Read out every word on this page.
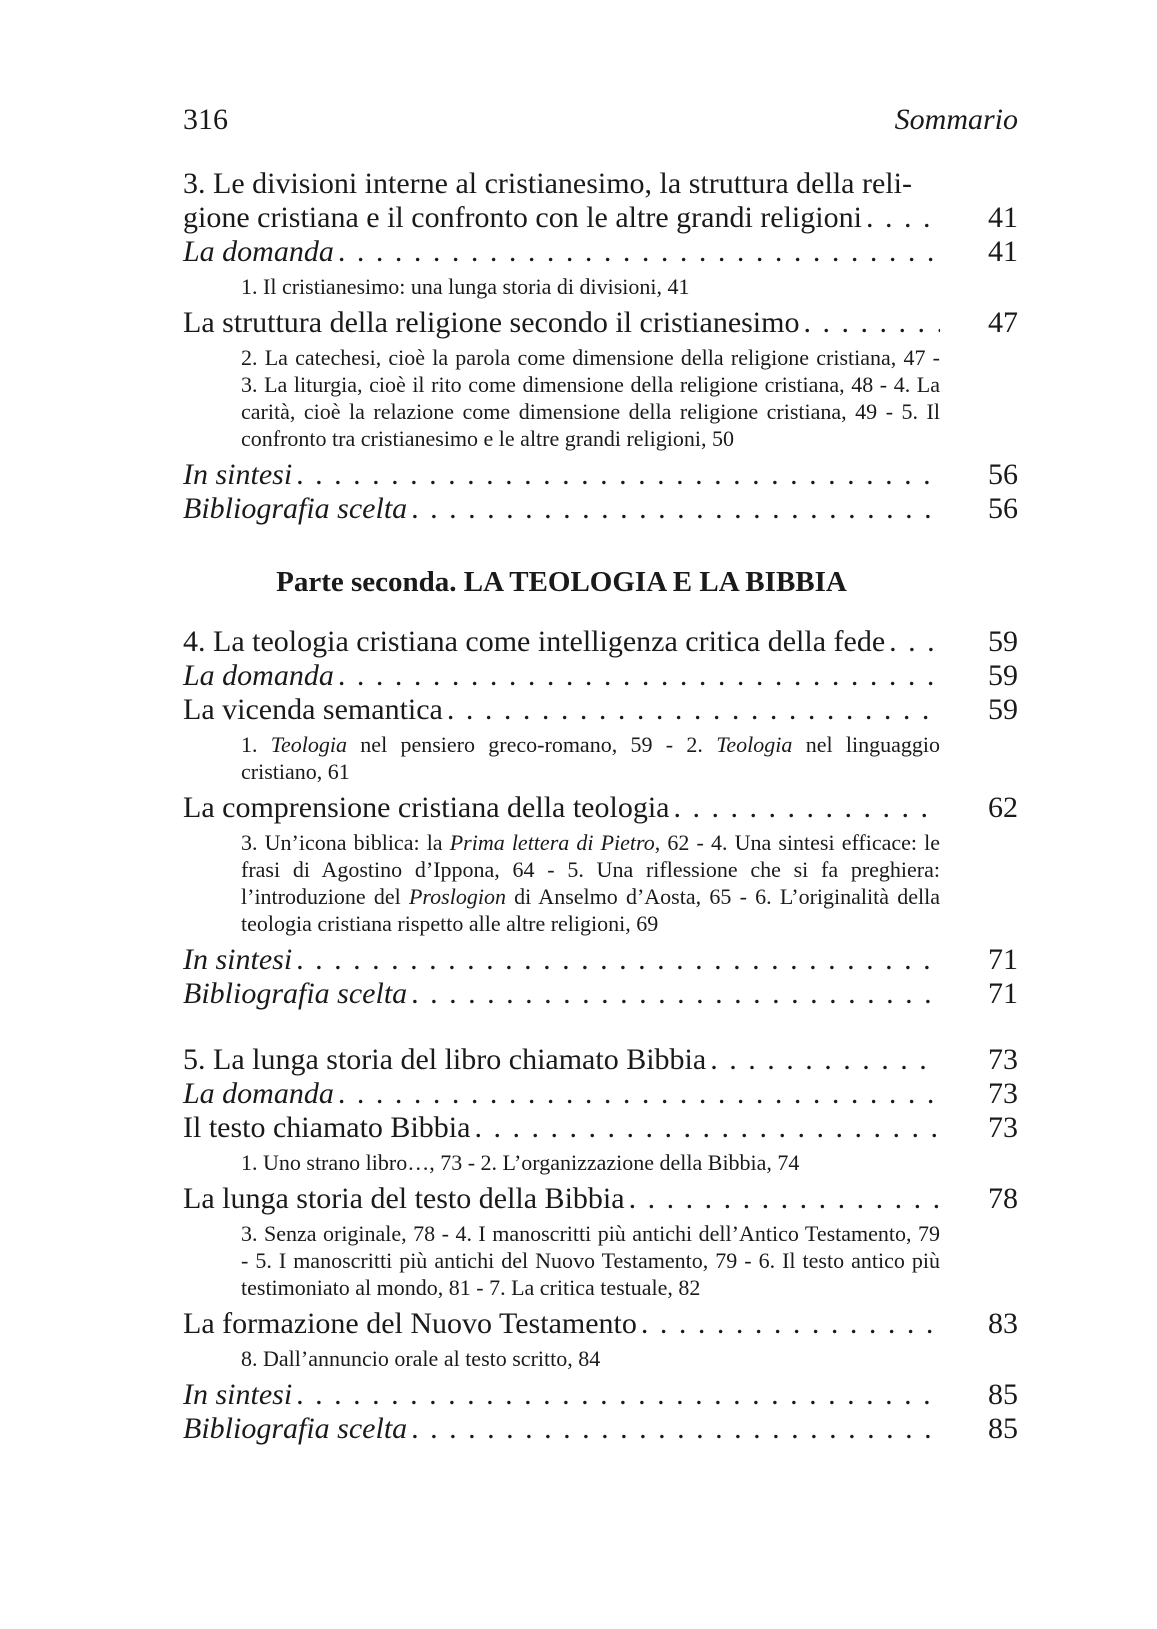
316	Sommario
3. Le divisioni interne al cristianesimo, la struttura della reli-
gione cristiana e il confronto con le altre grandi religioni . . .	41
La domanda . . .	41
1. Il cristianesimo: una lunga storia di divisioni, 41
La struttura della religione secondo il cristianesimo . . .	47
2. La catechesi, cioè la parola come dimensione della religione cristiana, 47 - 3. La liturgia, cioè il rito come dimensione della religione cristiana, 48 - 4. La carità, cioè la relazione come dimensione della religione cristiana, 49 - 5. Il confronto tra cristianesimo e le altre grandi religioni, 50
In sintesi . . .	56
Bibliografia scelta . . .	56
Parte seconda. LA TEOLOGIA E LA BIBBIA
4. La teologia cristiana come intelligenza critica della fede . . .	59
La domanda . . .	59
La vicenda semantica . . .	59
1. Teologia nel pensiero greco-romano, 59 - 2. Teologia nel linguaggio cristiano, 61
La comprensione cristiana della teologia . . .	62
3. Un’icona biblica: la Prima lettera di Pietro, 62 - 4. Una sintesi efficace: le frasi di Agostino d’Ippona, 64 - 5. Una riflessione che si fa preghiera: l’introduzione del Proslogion di Anselmo d’Aosta, 65 - 6. L’originalità della teologia cristiana rispetto alle altre religioni, 69
In sintesi . . .	71
Bibliografia scelta . . .	71
5. La lunga storia del libro chiamato Bibbia . . .	73
La domanda . . .	73
Il testo chiamato Bibbia . . .	73
1. Uno strano libro…, 73 - 2. L’organizzazione della Bibbia, 74
La lunga storia del testo della Bibbia . . .	78
3. Senza originale, 78 - 4. I manoscritti più antichi dell’Antico Testamento, 79 - 5. I manoscritti più antichi del Nuovo Testamento, 79 - 6. Il testo antico più testimoniato al mondo, 81 - 7. La critica testuale, 82
La formazione del Nuovo Testamento . . .	83
8. Dall’annuncio orale al testo scritto, 84
In sintesi . . .	85
Bibliografia scelta . . .	85
